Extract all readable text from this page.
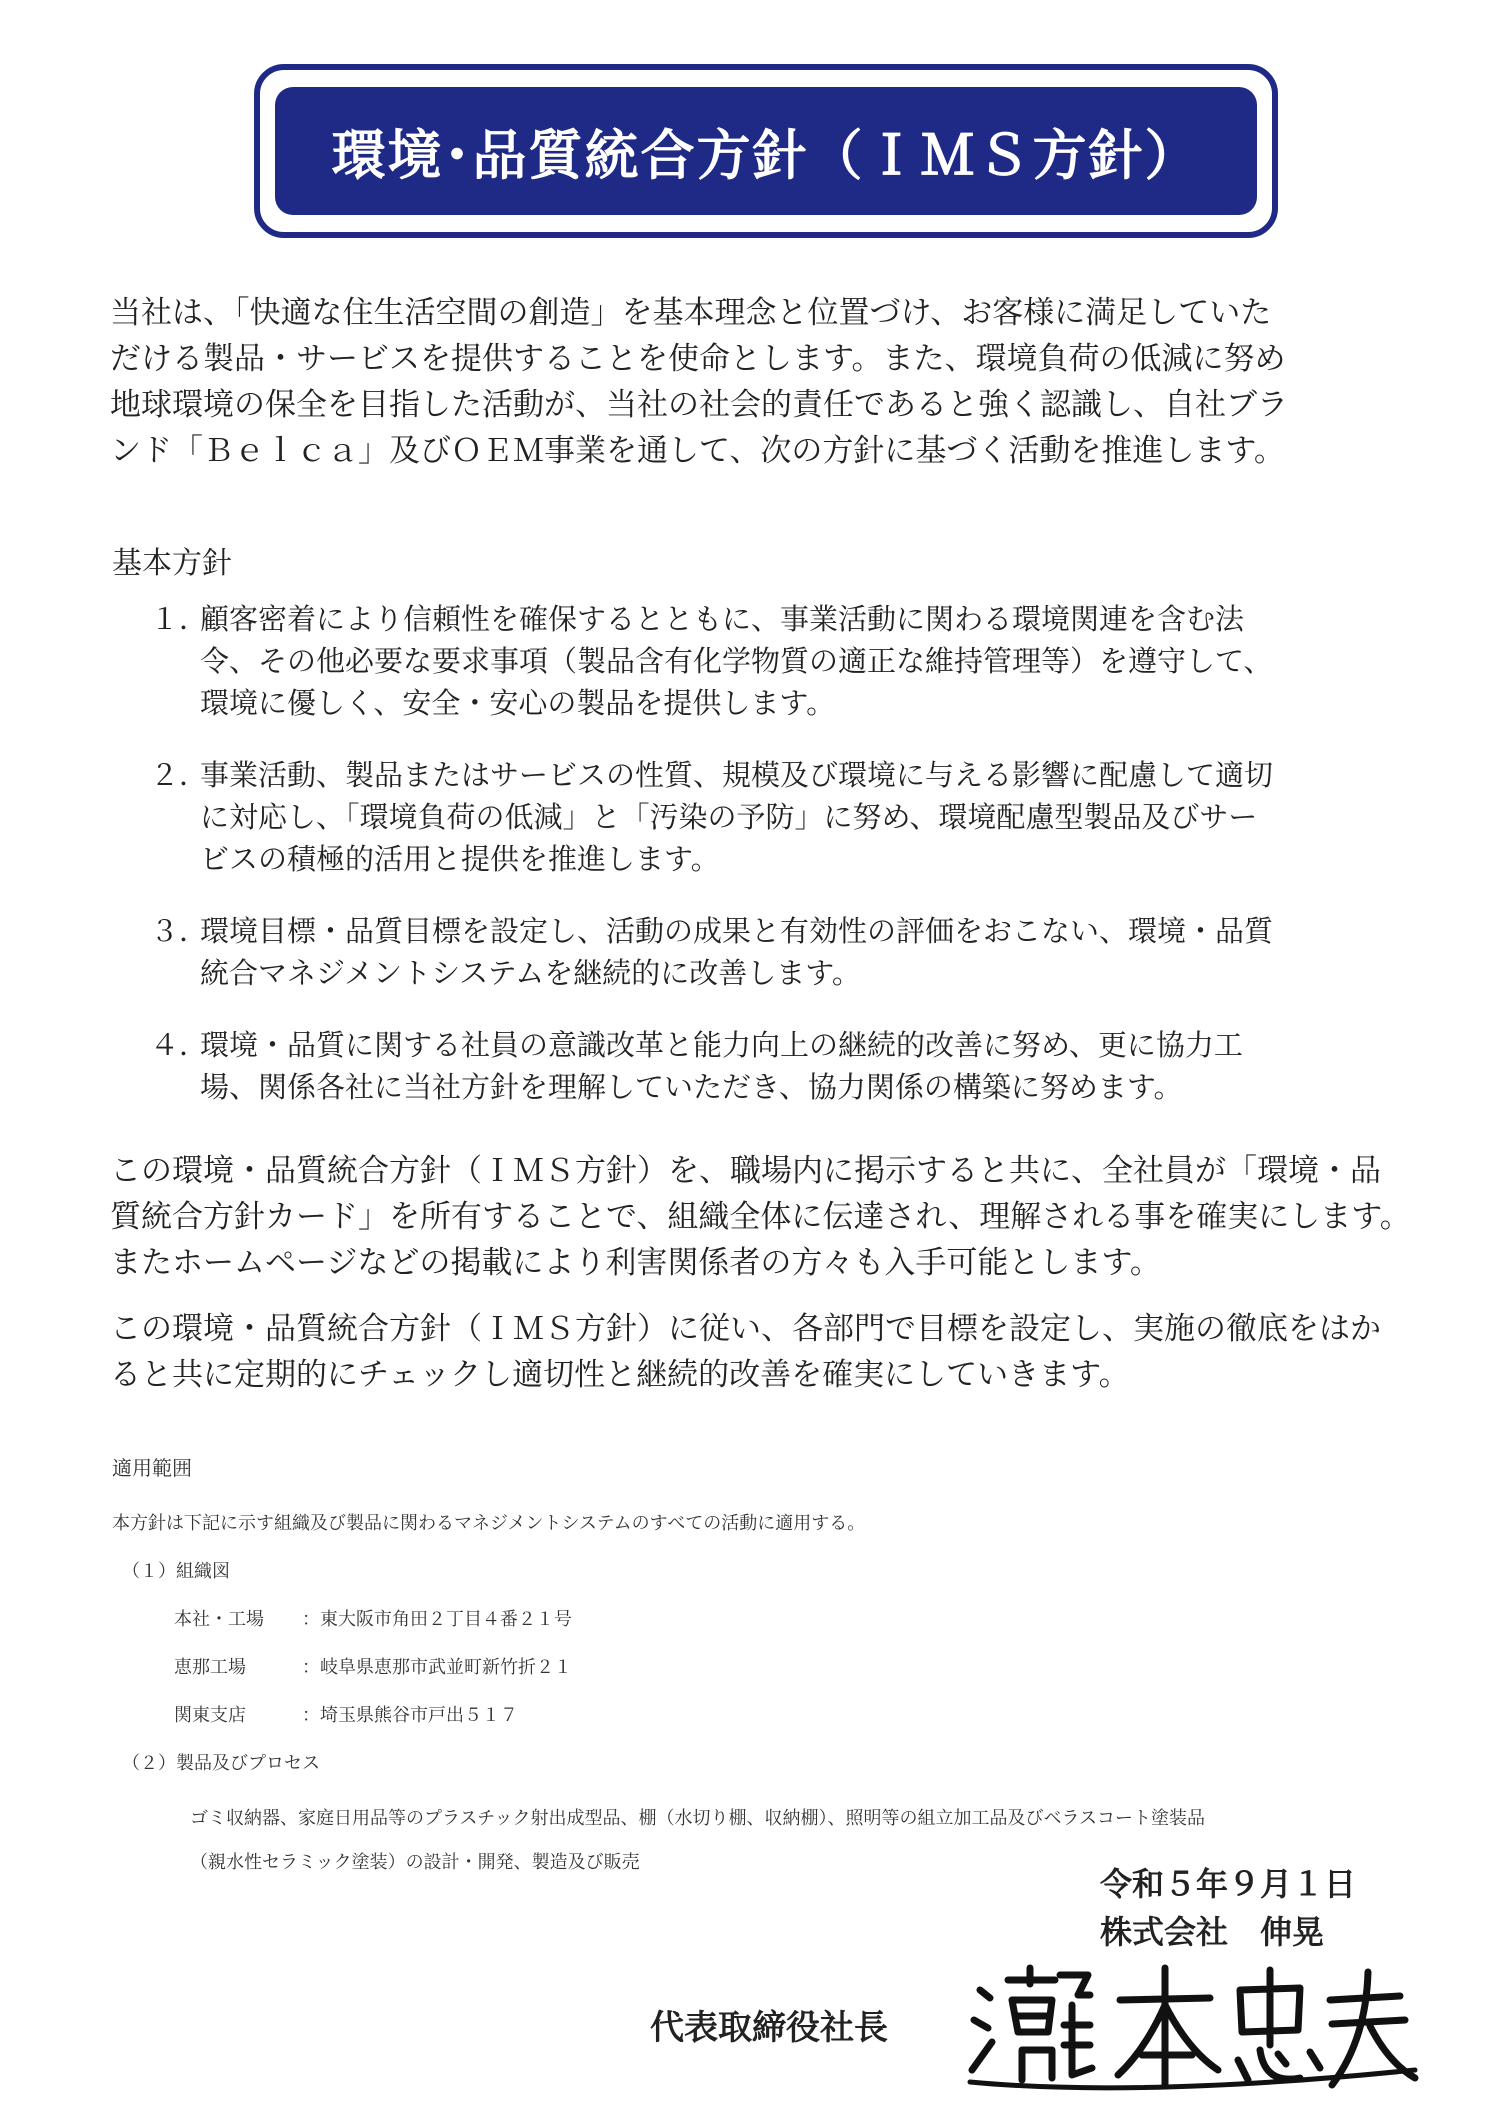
環境･品質統合方針（ＩＭＳ方針）

当社は、「快適な住生活空間の創造」を基本理念と位置づけ、お客様に満足していた

だける製品・サービスを提供することを使命とします。また、環境負荷の低減に努め

地球環境の保全を目指した活動が、当社の社会的責任であると強く認識し、自社ブラ

ンド「Ｂｅｌｃａ」及びＯＥＭ事業を通して、次の方針に基づく活動を推進します。

基本方針
１．
顧客密着により信頼性を確保するとともに、事業活動に関わる環境関連を含む法
令、その他必要な要求事項（製品含有化学物質の適正な維持管理等）を遵守して、
環境に優しく、安全・安心の製品を提供します。
２．
事業活動、製品またはサービスの性質、規模及び環境に与える影響に配慮して適切
に対応し、「環境負荷の低減」と「汚染の予防」に努め、環境配慮型製品及びサー
ビスの積極的活用と提供を推進します。
３．
環境目標・品質目標を設定し、活動の成果と有効性の評価をおこない、環境・品質
統合マネジメントシステムを継続的に改善します。
４．
環境・品質に関する社員の意識改革と能力向上の継続的改善に努め、更に協力工
場、関係各社に当社方針を理解していただき、協力関係の構築に努めます。

この環境・品質統合方針（ＩＭＳ方針）を、職場内に掲示すると共に、全社員が「環境・品
質統合方針カード」を所有することで、組織全体に伝達され、理解される事を確実にします。
またホームページなどの掲載により利害関係者の方々も入手可能とします。

この環境・品質統合方針（ＩＭＳ方針）に従い、各部門で目標を設定し、実施の徹底をはか
ると共に定期的にチェックし適切性と継続的改善を確実にしていきます。

適用範囲
本方針は下記に示す組織及び製品に関わるマネジメントシステムのすべての活動に適用する。
（１）組織図
本社・工場	：東大阪市角田２丁目４番２１号
恵那工場	：岐阜県恵那市武並町新竹折２１
関東支店	：埼玉県熊谷市戸出５１７
（２）製品及びプロセス
ゴミ収納器、家庭日用品等のプラスチック射出成型品、棚（水切り棚、収納棚）、照明等の組立加工品及びベラスコート塗装品
（親水性セラミック塗装）の設計・開発、製造及び販売
令和５年９月１日
株式会社　伸晃
代表取締役社長
